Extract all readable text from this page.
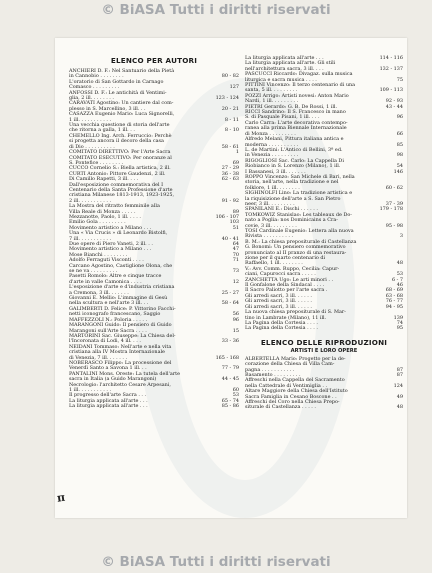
© BiASA Tutti i diritti riservati
ELENCO PER AUTORI
ANCHIERI D. F.: Nel Santuario della Pietà
in Cannobio . . . . . . . .	80 - 82
L'oratorio di San Gottardo in Carnago
Comasco . . . . . . . . .	127
ANFOSSI D. F.: Le antichità di Ventimi-
glia, 2 ill. . . . . . . .	123 - 124
CARAVATI Agostino: Un cantiere dal com-
plesso in S. Marcellino, 3 ill. . .	20 - 21
CASAZZA Eugenio Mario: Luca Signorelli,
1 ill. . . . . . . . . . .	8 - 11
Una vecchia questione di storia dell'arte
che ritorna a galla, 1 ill. . .	8 - 10
CHEMELLO Ing. Arch. Ferruccio: Perchè
si progetta ancora il decoro della casa
di Dio . . . . . . . . . .	58 - 61
COMITATO DIRETTIVO: Per l'Arte Sacra	1
COMITATO ESECUTIVO: Per onoranze al
S. Pontefice . . . . . . . .	69
CUCCO Cornelio S.: Biella artistica, 2 ill.	27 - 29
CURTI Antonio: Pittore Gaudenzi, 2 ill.	36 - 38
Di Camillo Rapetti, 3 ill. . . .	62 - 63
Dall'esposizione commemorativa del I
Centenario della Santa Professione d'arte
cristiana Milanese 1813-1913, 1923-1925,
2 ill. . . . . . . . . . .	91 - 92
La Mostra del ritratto femminile alla
Villa Reale di Monza . . . . .	89
Mezzanotte, Paolo, 1 ill. . . . .	106 - 107
Emilio Gola . . . . . . . . .	103
Movimento artistico a Milano . . .	51
Una « Via Crucis » di Leonardo Bistolfi,
7 ill. . . . . . . . . . .	40 - 41
Due opere di Piero Vaneti, 2 ill. . .	64
Movimento artistico a Milano . . .	47
Mose Bianchi . . . . . . . .	70
Adolfo Ferraguti Visconti . . . .	71
Carcano Agostino, Castiglione Olona, che
se ne va . . . . . . . . .	73
Pasetti Romolo: Altre e cinque tracce
d'arte in valle Camonica . . . .	12
L'esposizione d'arte e d'industria cristiana
a Cremona, 3 ill. . . . . . .	25 - 27
Giovanni E. Mellio: L'immagine di Gesù
nella scultura e nell'arte 3 ill. . .	58 - 64
GALIMBERTI D. Felice: P. Vittorino Facchi-
netti iconografo francescano, Saggio	56
MAFFEZZOLI N.: Poloria . . . . .	96
MARANGONI Guido: Il pensiero di Guido
Marangoni sull'Arte Sacra . . . .	15
MARTORINI Sac. Giuseppe: La Chiesa del-
l'Incoronata di Lodi, 4 ill. . . .	33 - 36
NEIDANI Tommaso: Nell'arte e nella vita
cristiana alla IV Mostra Internazionale
di Venezia, 7 ill. . . . . . .	165 - 168
NOBERASCO Filippo: La processione del
Venerdì Santo a Savona 1 ill. . .	77 - 79
PANTALINI Mons. Oreste: La tutela dell'arte
sacra in Italia (a Guido Marangoni)	44 - 45
Necrologio: l'architetto Cesare Arpesani,
1 ill. . . . . . . . . . .	60
Il progresso dell'arte Sacra . . .	53
La liturgia applicata all'arte . . .	65 - 74
La liturgia applicata all'arte . . .	85 - 86
La liturgia applicata all'arte . . .	114 - 116
La liturgia applicata all'arte. Gli stili
nell'architettura sacra, 3 ill. . . .	132 - 137
PASCUCCI Riccardo: Divagaz. sulla musica
liturgica e sacra musica . . . .	75
PITTINI Vincenzo: Il terzo centenario di una
santa, 5 ill. . . . . . . . .	109 - 113
POZZI Arrigo: Artisti novesi: Anton Mario
Nardi, 1 ill. . . . . . . . .	92 - 93
PIETRI Gerardo: G. B. De Rossi, 1 ill.	43 - 44
RICCI Sandrino: Il S. Francesco in mano
S. di Pasquale Pisani, 1 ill. . . .	96
Carlo Carra: L'arte decorativa contempo-
ranea alla prima Biennale Internazionale
di Monza . . . . . . . . .	66
Alfredo Melani, Pittura italiana antica e
moderna . . . . . . . . . .	85
L. de Martini: L'Antico di Bellini, 3ª ed.
in Venezia . . . . . . . . .	98
RIGOGLIOSI Sac. Carlo: La Cappella Di
Riobianco in S. Lorenzo (Milano), 1 ill.	54
I Bassanesi, 3 ill. . . . . . .	146
ROPPO Vincenzo: San Michele di Bari, nella
storia, nell'arte, nella tradizione e nel
folklore, 1 ill. . . . . . . .	60 - 62
SIGHINOLFI Lino: La tradizione artistica e
la riquisizione dell'arte a S. San Pietro
neer, 3 ill. . . . . . . . .	37 - 39
SPANILANI E.: Dischi . . . . . .	179 - 178
TOMKOWIZ Stanislao: Les tableaux de Do-
nato a Poglia: nos Dominicains a Cra-
covie, 3 ill. . . . . . . . .	95 - 98
TOSI Cardinale Eugenio: Lettera alla nuova
Rivista . . . . . . . . . .	3
B. M.: La chiesa prepositurale di Castellanza
G. Bonomi: Un pensiero commemorativo
pronunciato al II pranzo di una restaura-
zione per il quarto centenario di
Raffaello, 1 ill. . . . . . . .	48
V.: Avv. Comm. Ruppo, Cecilia: Capur-
ciani, Capurocci sacra . . . . .	53
ZANCHETTA Ugo: Le arti minori . .	6 - 7
Il Gonfalone della Sindacal . . . .	46
Il Sacro Paliotto per l'arte sacra .	68 - 69
Gli arredi sacri, 3 ill. . . . . .	63 - 68
Gli arredi sacri, 3 ill. . . . . .	76 - 77
Gli arredi sacri, 3 ill. . . . . .	94 - 95
La nuova chiesa prepositurale di S. Mar-
tino in Lambrate (Milano), 11 ill.	139
La Pagina della Cortesia . . . .	74
La Pagina della Cortesia . . . .	95
ELENCO DELLE RIPRODUZIONI
ARTISTI E LORO OPERE
ALBERTELLA Mario: Progetto per la de-
corazione della Chiesa di Villa Cam-
pagna . . . . . . . . . . .	87
Basamento . . . . . . . . .	87
Affreschi nella Cappella del Sacramento
nella Cattedrale di Ventimiglia . .	124
Altare Maggiore della Chiesa dell'Istituto
Sacra Famiglia in Cesano Boscone . .	49
Affreschi del Coro nella Chiesa Prepo-
siturale di Castellanza . . . . .	48
π
© BiASA Tutti i diritti riservati
